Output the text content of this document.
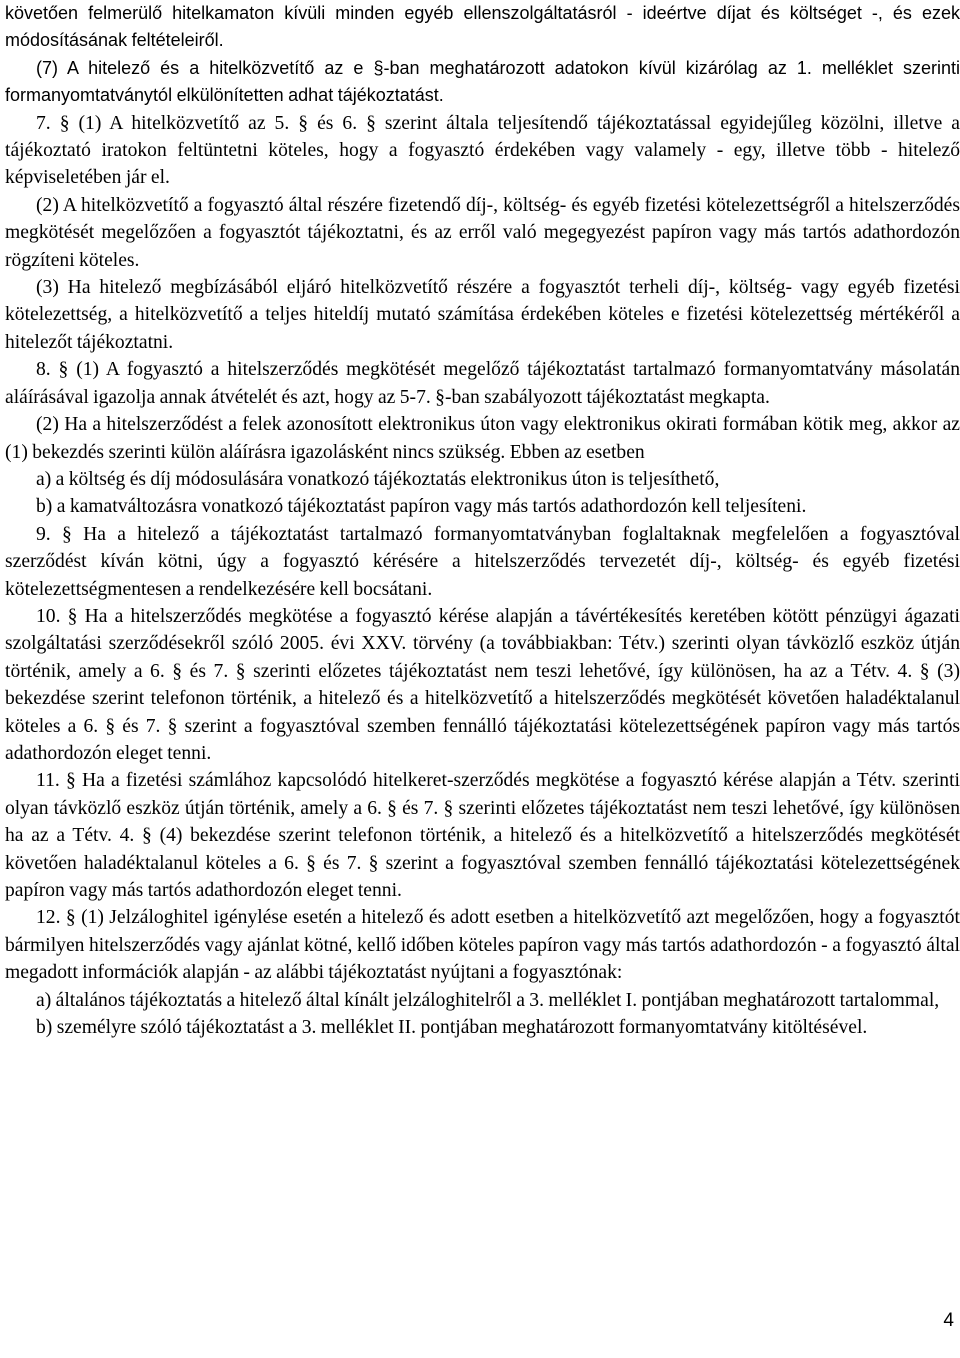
követően felmerülő hitelkamaton kívüli minden egyéb ellenszolgáltatásról - ideértve díjat és költséget -, és ezek módosításának feltételeiről.

(7) A hitelező és a hitelközvetítő az e §-ban meghatározott adatokon kívül kizárólag az 1. melléklet szerinti formanyomtatványtól elkülönítetten adhat tájékoztatást.

7. § (1) A hitelközvetítő az 5. § és 6. § szerint általa teljesítendő tájékoztatással egyidejűleg közölni, illetve a tájékoztató iratokon feltüntetni köteles, hogy a fogyasztó érdekében vagy valamely - egy, illetve több - hitelező képviseletében jár el.

(2) A hitelközvetítő a fogyasztó által részére fizetendő díj-, költség- és egyéb fizetési kötelezettségről a hitelszerződés megkötését megelőzően a fogyasztót tájékoztatni, és az erről való megegyezést papíron vagy más tartós adathordozón rögzíteni köteles.

(3) Ha hitelező megbízásából eljáró hitelközvetítő részére a fogyasztót terheli díj-, költség- vagy egyéb fizetési kötelezettség, a hitelközvetítő a teljes hiteldíj mutató számítása érdekében köteles e fizetési kötelezettség mértékéről a hitelezőt tájékoztatni.

8. § (1) A fogyasztó a hitelszerződés megkötését megelőző tájékoztatást tartalmazó formanyomtatvány másolatán aláírásával igazolja annak átvételét és azt, hogy az 5-7. §-ban szabályozott tájékoztatást megkapta.

(2) Ha a hitelszerződést a felek azonosított elektronikus úton vagy elektronikus okirati formában kötik meg, akkor az (1) bekezdés szerinti külön aláírásra igazolásként nincs szükség. Ebben az esetben

a) a költség és díj módosulására vonatkozó tájékoztatás elektronikus úton is teljesíthető,

b) a kamatváltozásra vonatkozó tájékoztatást papíron vagy más tartós adathordozón kell teljesíteni.

9. § Ha a hitelező a tájékoztatást tartalmazó formanyomtatványban foglaltaknak megfelelően a fogyasztóval szerződést kíván kötni, úgy a fogyasztó kérésére a hitelszerződés tervezetét díj-, költség- és egyéb fizetési kötelezettségmentesen a rendelkezésére kell bocsátani.

10. § Ha a hitelszerződés megkötése a fogyasztó kérése alapján a távértékesítés keretében kötött pénzügyi ágazati szolgáltatási szerződésekről szóló 2005. évi XXV. törvény (a továbbiakban: Tétv.) szerinti olyan távközlő eszköz útján történik, amely a 6. § és 7. § szerinti előzetes tájékoztatást nem teszi lehetővé, így különösen, ha az a Tétv. 4. § (3) bekezdése szerint telefonon történik, a hitelező és a hitelközvetítő a hitelszerződés megkötését követően haladéktalanul köteles a 6. § és 7. § szerint a fogyasztóval szemben fennálló tájékoztatási kötelezettségének papíron vagy más tartós adathordozón eleget tenni.

11. § Ha a fizetési számlához kapcsolódó hitelkeret-szerződés megkötése a fogyasztó kérése alapján a Tétv. szerinti olyan távközlő eszköz útján történik, amely a 6. § és 7. § szerinti előzetes tájékoztatást nem teszi lehetővé, így különösen ha az a Tétv. 4. § (4) bekezdése szerint telefonon történik, a hitelező és a hitelközvetítő a hitelszerződés megkötését követően haladéktalanul köteles a 6. § és 7. § szerint a fogyasztóval szemben fennálló tájékoztatási kötelezettségének papíron vagy más tartós adathordozón eleget tenni.

12. § (1) Jelzáloghitel igénylése esetén a hitelező és adott esetben a hitelközvetítő azt megelőzően, hogy a fogyasztót bármilyen hitelszerződés vagy ajánlat kötné, kellő időben köteles papíron vagy más tartós adathordozón - a fogyasztó által megadott információk alapján - az alábbi tájékoztatást nyújtani a fogyasztónak:

a) általános tájékoztatás a hitelező által kínált jelzáloghitelről a 3. melléklet I. pontjában meghatározott tartalommal,

b) személyre szóló tájékoztatást a 3. melléklet II. pontjában meghatározott formanyomtatvány kitöltésével.

4
